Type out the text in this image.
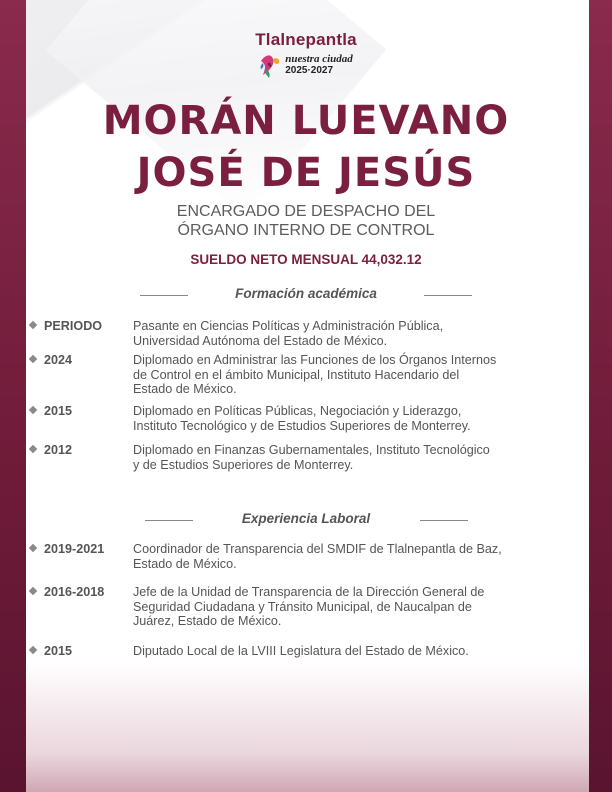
Tlalnepantla
nuestra ciudad
2025·2027
MORÁN LUEVANO
JOSÉ DE JESÚS
ENCARGADO DE DESPACHO DEL
ÓRGANO INTERNO DE CONTROL
SUELDO NETO MENSUAL 44,032.12
Formación académica
PERIODO Pasante en Ciencias Políticas y Administración Pública,
Universidad Autónoma del Estado de México.
2024	Diplomado en Administrar las Funciones de los Órganos Internos
de Control en el ámbito Municipal, Instituto Hacendario del
Estado de México.
2015	Diplomado en Políticas Públicas, Negociación y Liderazgo,
Instituto Tecnológico y de Estudios Superiores de Monterrey.
2012	Diplomado en Finanzas Gubernamentales, Instituto Tecnológico
y de Estudios Superiores de Monterrey.
Experiencia Laboral
2019-2021 Coordinador de Transparencia del SMDIF de Tlalnepantla de Baz,
Estado de México.
2016-2018 Jefe de la Unidad de Transparencia de la Dirección General de
Seguridad Ciudadana y Tránsito Municipal, de Naucalpan de
Juárez, Estado de México.
2015	Diputado Local de la LVIII Legislatura del Estado de México.
